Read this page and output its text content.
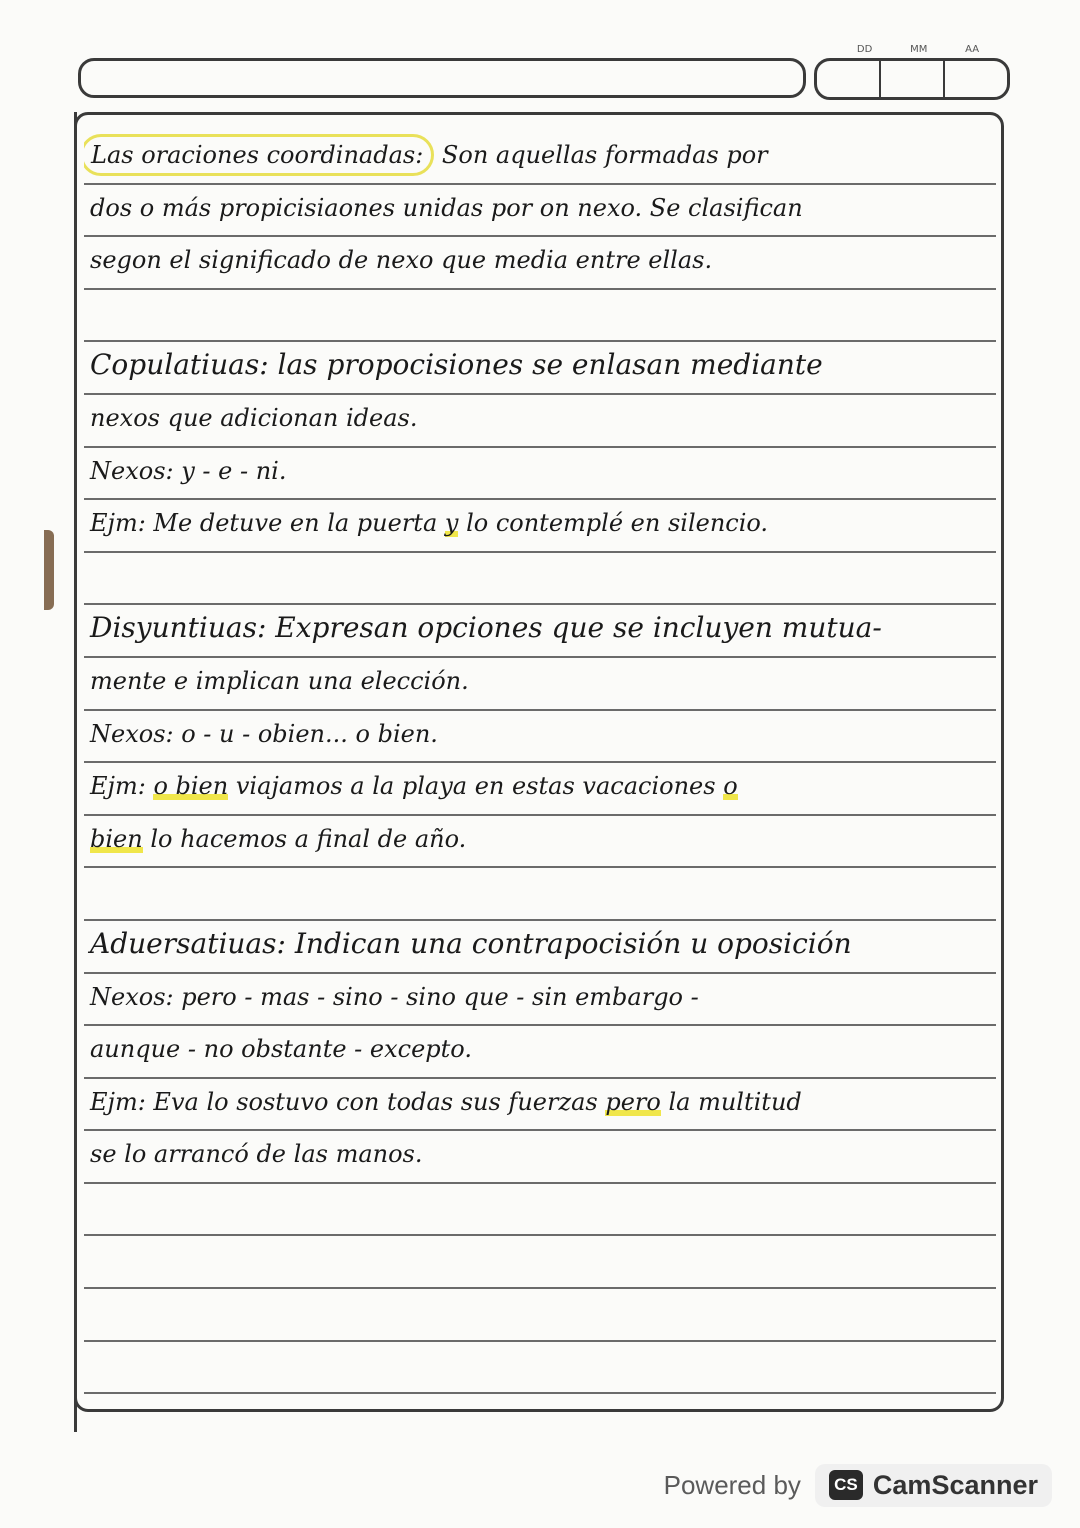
DD	MM	AA
Las oraciones coordinadas: Son aquellas formadas por
dos o más propicisiaones unidas por on nexo. Se clasifican
segon el significado de nexo que media entre ellas.
Copulatiuas: las propocisiones se enlasan mediante
nexos que adicionan ideas.
Nexos: y - e - ni.
Ejm: Me detuve en la puerta y lo contemplé en silencio.
Disyuntiuas: Expresan opciones que se incluyen mutua-
mente e implican una elección.
Nexos: o - u - obien... o bien.
Ejm: o bien viajamos a la playa en estas vacaciones o
bien lo hacemos a final de año.
Aduersatiuas: Indican una contrapocisión u oposición
Nexos: pero - mas - sino - sino que - sin embargo -
aunque - no obstante - excepto.
Ejm: Eva lo sostuvo con todas sus fuerzas pero la multitud
se lo arrancó de las manos.
Powered by	CS CamScanner
